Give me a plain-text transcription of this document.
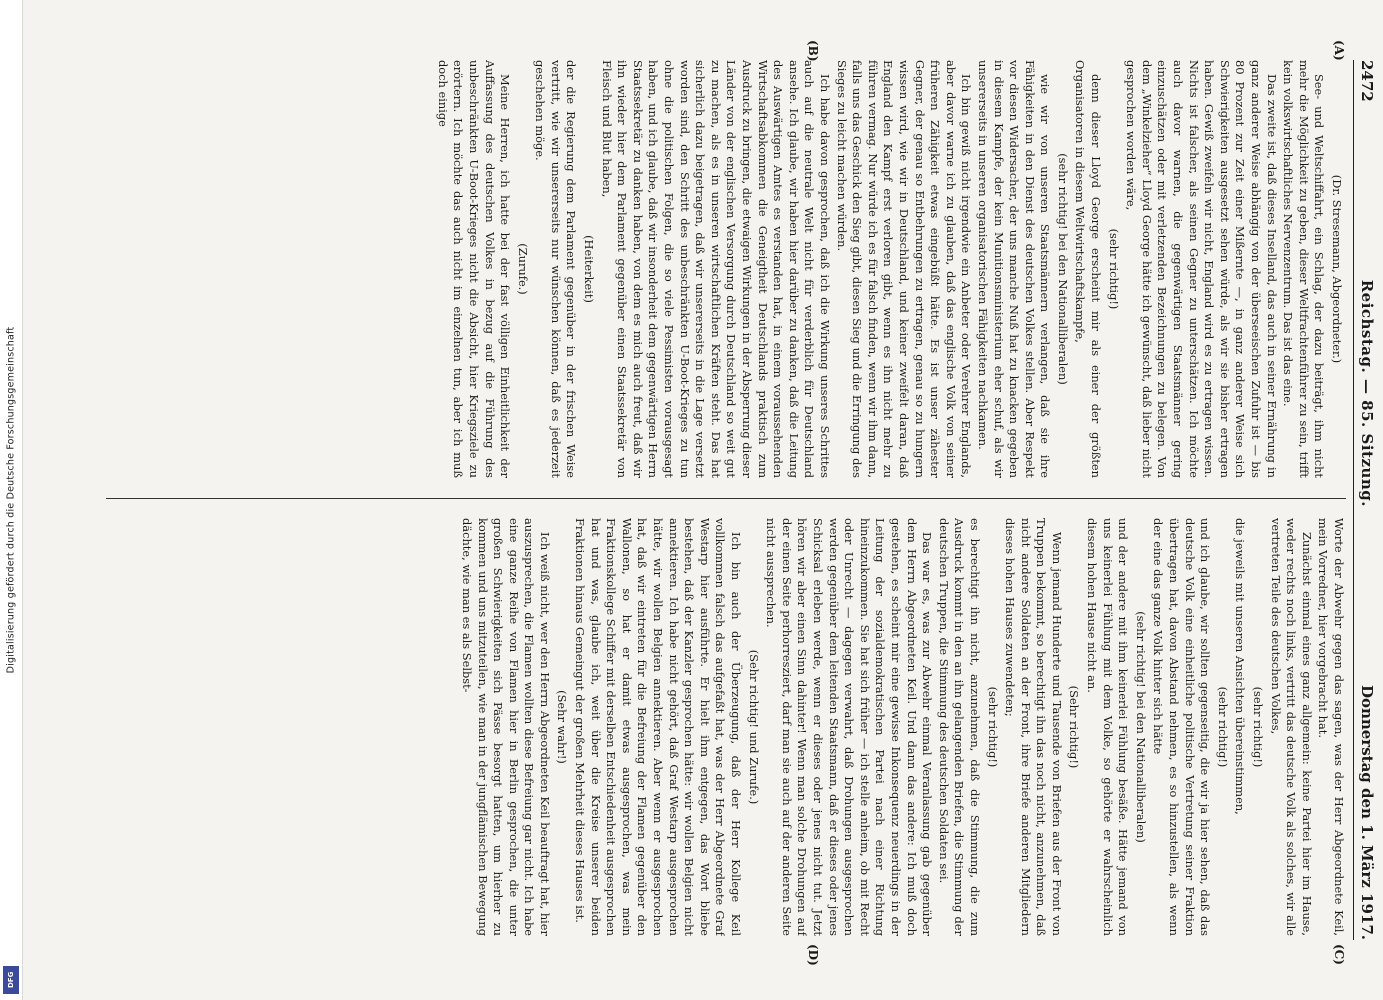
Digitalisierung gefördert durch die Deutsche Forschungsgemeinschaft
DFG
2472
Reichstag. — 85. Sitzung.
Donnerstag den 1. März 1917.
(A)
(B)
(C)
(D)

(Dr. Stresemann, Abgeordneter.)

See- und Weltschiffahrt, ein Schlag, der dazu beiträgt, ihm nicht mehr die Möglichkeit zu geben, dieser Weltfrachtenführer zu sein, trifft kein volkswirtschaftliches Nervenzentrum. Das ist das eine.

Das zweite ist, daß dieses Inselland, das auch in seiner Ernährung in ganz anderer Weise abhängig von der überseeischen Zufuhr ist — bis 80 Prozent zur Zeit einer Mißernte —, in ganz anderer Weise sich Schwierigkeiten ausgesetzt sehen würde, als wir sie bisher ertragen haben. Gewiß zweifeln wir nicht, England wird es zu ertragen wissen. Nichts ist falscher, als seinen Gegner zu unterschätzen. Ich möchte auch davor warnen, die gegenwärtigen Staatsmänner gering einzuschätzen oder mit verletzenden Bezeichnungen zu belegen. Von dem „Winkelzieher“ Lloyd George hätte ich gewünscht, daß lieber nicht gesprochen worden wäre,

(sehr richtig!)

denn dieser Lloyd George erscheint mir als einer der größten Organisatoren in diesem Weltwirtschaftskampfe,

(sehr richtig! bei den Nationalliberalen)

wie wir von unseren Staatsmännern verlangen, daß sie ihre Fähigkeiten in den Dienst des deutschen Volkes stellen. Aber Respekt vor diesen Widersacher, der uns manche Nuß hat zu knacken gegeben in diesem Kampfe, der kein Munitionsministerium eher schuf, als wir unsererseits in unseren organisatorischen Fähigkeiten nachkamen.

Ich bin gewiß nicht irgendwie ein Anbeter oder Verehrer Englands, aber davor warne ich zu glauben, daß das englische Volk von seiner früheren Zähigkeit etwas eingebüßt hätte. Es ist unser zähester Gegner, der genau so Entbehrungen zu ertragen, genau so zu hungern wissen wird, wie wir in Deutschland, und keiner zweifelt daran, daß England den Kampf erst verloren gibt, wenn es ihn nicht mehr zu führen vermag. Nur würde ich es für falsch finden, wenn wir ihm dann, falls uns das Geschick den Sieg gibt, diesen Sieg und die Erringung des Sieges zu leicht machen würden.

Ich habe davon gesprochen, daß ich die Wirkung unseres Schrittes auch auf die neutrale Welt nicht für verderblich für Deutschland ansehe. Ich glaube, wir haben hier darüber zu danken, daß die Leitung des Auswärtigen Amtes es verstanden hat, in einem voraussehenden Wirtschaftsabkommen die Geneigtheit Deutschlands praktisch zum Ausdruck zu bringen, die etwaigen Wirkungen in der Absperrung dieser Länder von der englischen Versorgung durch Deutschland so weit gut zu machen, als es in unseren wirtschaftlichen Kräften steht. Das hat sicherlich dazu beigetragen, daß wir unsererseits in die Lage versetzt worden sind, den Schritt des unbeschränkten U-Boot-Krieges zu tun ohne die politischen Folgen, die so viele Pessimisten vorausgesagt haben, und ich glaube, daß wir insonderheit dem gegenwärtigen Herrn Staatssekretär zu danken haben, von dem es mich auch freut, daß wir ihn wieder hier dem Parlament gegenüber einen Staatssekretär von Fleisch und Blut haben,

(Heiterkeit)

der die Regierung dem Parlament gegenüber in der frischen Weise vertritt, wie wir unsererseits nur wünschen können, daß es jederzeit geschehen möge.

(Zurufe.)

Meine Herren, ich hatte bei der fast völligen Einheitlichkeit der Auffassung des deutschen Volkes in bezug auf die Führung des unbeschränkten U-Boot-Krieges nicht die Absicht, hier Kriegsziele zu erörtern. Ich möchte das auch nicht im einzelnen tun, aber ich muß doch einige

Worte der Abwehr gegen das sagen, was der Herr Abgeordnete Keil, mein Vorredner, hier vorgebracht hat.

Zunächst einmal eines ganz allgemein: keine Partei hier im Hause, weder rechts noch links, vertritt das deutsche Volk als solches, wir alle vertreten Teile des deutschen Volkes,

(sehr richtig!)

die jeweils mit unseren Ansichten übereinstimmen,

(sehr richtig!)

und ich glaube, wir sollten gegenseitig, die wir ja hier sehen, daß das deutsche Volk eine einheitliche politische Vertretung seiner Fraktion übertragen hat, davon Abstand nehmen, es so hinzustellen, als wenn der eine das ganze Volk hinter sich hätte

(sehr richtig! bei den Nationalliberalen)

und der andere mit ihm keinerlei Fühlung besäße. Hätte jemand von uns keinerlei Fühlung mit dem Volke, so gehörte er wahrscheinlich diesem hohen Hause nicht an.

(Sehr richtig!)

Wenn jemand Hunderte und Tausende von Briefen aus der Front von Truppen bekommt, so berechtigt ihn das noch nicht, anzunehmen, daß nicht andere Soldaten an der Front, ihre Briefe anderen Mitgliedern dieses hohen Hauses zuwendeten;

(sehr richtig!)

es berechtigt ihn nicht, anzunehmen, daß die Stimmung, die zum Ausdruck kommt in den an ihn gelangenden Briefen, die Stimmung der deutschen Truppen, die Stimmung des deutschen Soldaten sei.

Das war es, was zur Abwehr einmal Veranlassung gab gegenüber dem Herrn Abgeordneten Keil. Und dann das andere: Ich muß doch gestehen, es scheint mir eine gewisse Inkonsequenz neuerdings in der Leitung der sozialdemokratischen Partei nach einer Richtung hineinzukommen. Sie hat sich früher — ich stelle anheim, ob mit Recht oder Unrecht — dagegen verwahrt, daß Drohungen ausgesprochen werden gegenüber dem leitenden Staatsmann, daß er dieses oder jenes Schicksal erleben werde, wenn er dieses oder jenes nicht tut. Jetzt hören wir aber einen Sinn dahinter! Wenn man solche Drohungen auf der einen Seite perhorresziert, darf man sie auch auf der anderen Seite nicht aussprechen.

(Sehr richtig! und Zurufe.)

Ich bin auch der Überzeugung, daß der Herr Kollege Keil vollkommen falsch das aufgefaßt hat, was der Herr Abgeordnete Graf Westarp hier ausführte. Er hielt ihm entgegen, das Wort bliebe bestehen, daß der Kanzler gesprochen hätte: wir wollen Belgien nicht annektieren. Ich habe nicht gehört, daß Graf Westarp ausgesprochen hätte, wir wollen Belgien annektieren. Aber wenn er ausgesprochen hat, daß wir eintreten für die Befreiung der Flamen gegenüber den Wallonen, so hat er damit etwas ausgesprochen, was mein Fraktionskollege Schiffer mit derselben Entschiedenheit ausgesprochen hat und was, glaube ich, weit über die Kreise unserer beiden Fraktionen hinaus Gemeingut der großen Mehrheit dieses Hauses ist.

(Sehr wahr!)

Ich weiß nicht, wer den Herrn Abgeordneten Keil beauftragt hat, hier auszusprechen, die Flamen wollten diese Befreiung gar nicht. Ich habe eine ganze Reihe von Flamen hier in Berlin gesprochen, die unter großen Schwierigkeiten sich Pässe besorgt hatten, um hierher zu kommen und uns mitzuteilen, wie man in der jungflämischen Bewegung dächte, wie man es als Selbst-
